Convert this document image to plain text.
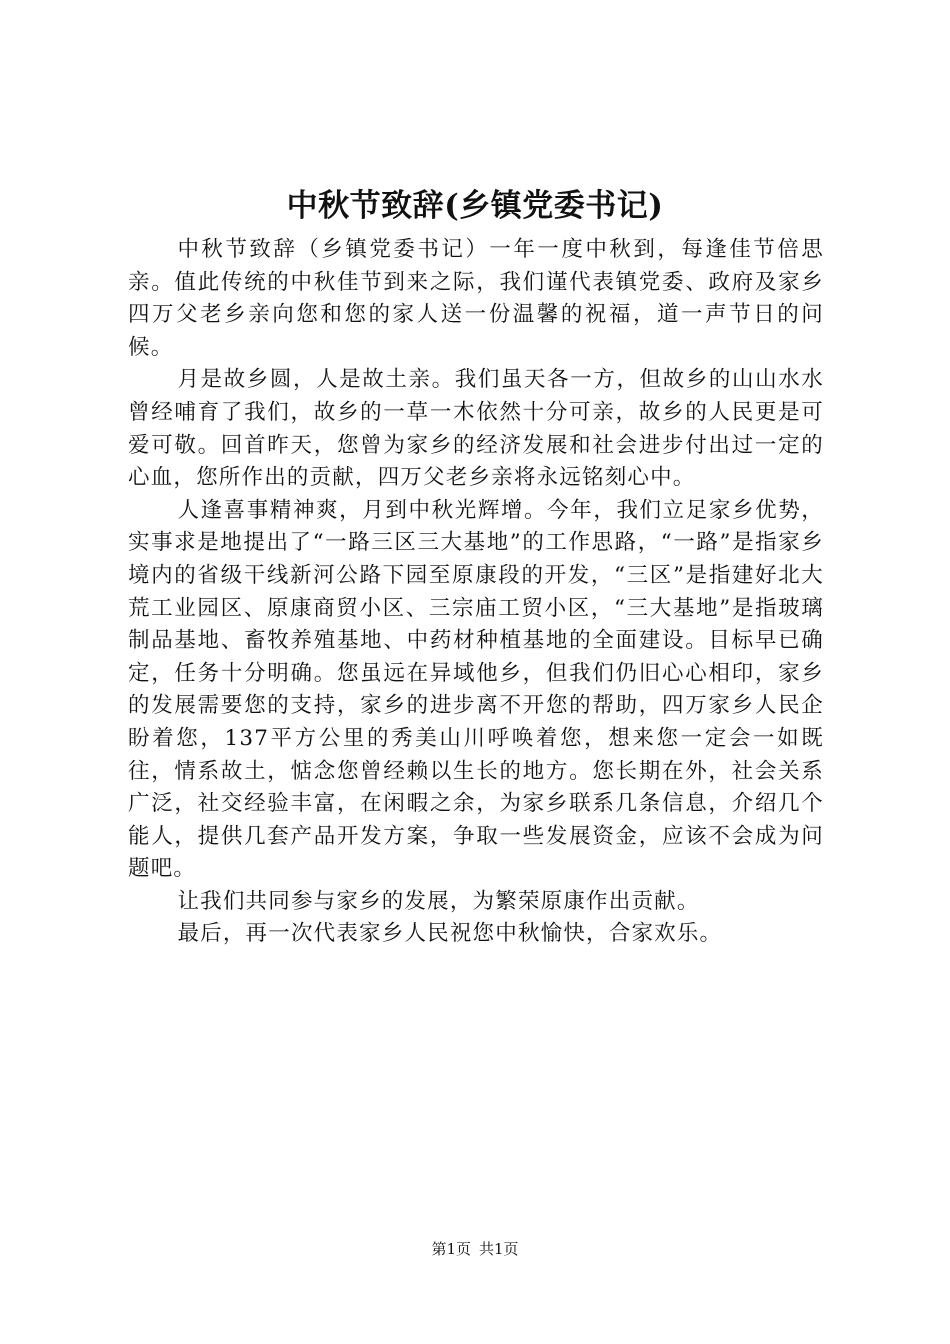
中秋节致辞(乡镇党委书记)

中秋节致辞（乡镇党委书记）一年一度中秋到，每逢佳节倍思亲。值此传统的中秋佳节到来之际，我们谨代表镇党委、政府及家乡四万父老乡亲向您和您的家人送一份温馨的祝福，道一声节日的问候。

月是故乡圆，人是故土亲。我们虽天各一方，但故乡的山山水水曾经哺育了我们，故乡的一草一木依然十分可亲，故乡的人民更是可爱可敬。回首昨天，您曾为家乡的经济发展和社会进步付出过一定的心血，您所作出的贡献，四万父老乡亲将永远铭刻心中。

人逢喜事精神爽，月到中秋光辉增。今年，我们立足家乡优势，实事求是地提出了“一路三区三大基地”的工作思路，“一路”是指家乡境内的省级干线新河公路下园至原康段的开发，“三区”是指建好北大荒工业园区、原康商贸小区、三宗庙工贸小区，“三大基地”是指玻璃制品基地、畜牧养殖基地、中药材种植基地的全面建设。目标早已确定，任务十分明确。您虽远在异域他乡，但我们仍旧心心相印，家乡的发展需要您的支持，家乡的进步离不开您的帮助，四万家乡人民企盼着您，137平方公里的秀美山川呼唤着您，想来您一定会一如既往，情系故土，惦念您曾经赖以生长的地方。您长期在外，社会关系广泛，社交经验丰富，在闲暇之余，为家乡联系几条信息，介绍几个能人，提供几套产品开发方案，争取一些发展资金，应该不会成为问题吧。

让我们共同参与家乡的发展，为繁荣原康作出贡献。

最后，再一次代表家乡人民祝您中秋愉快，合家欢乐。

第1页 共1页
